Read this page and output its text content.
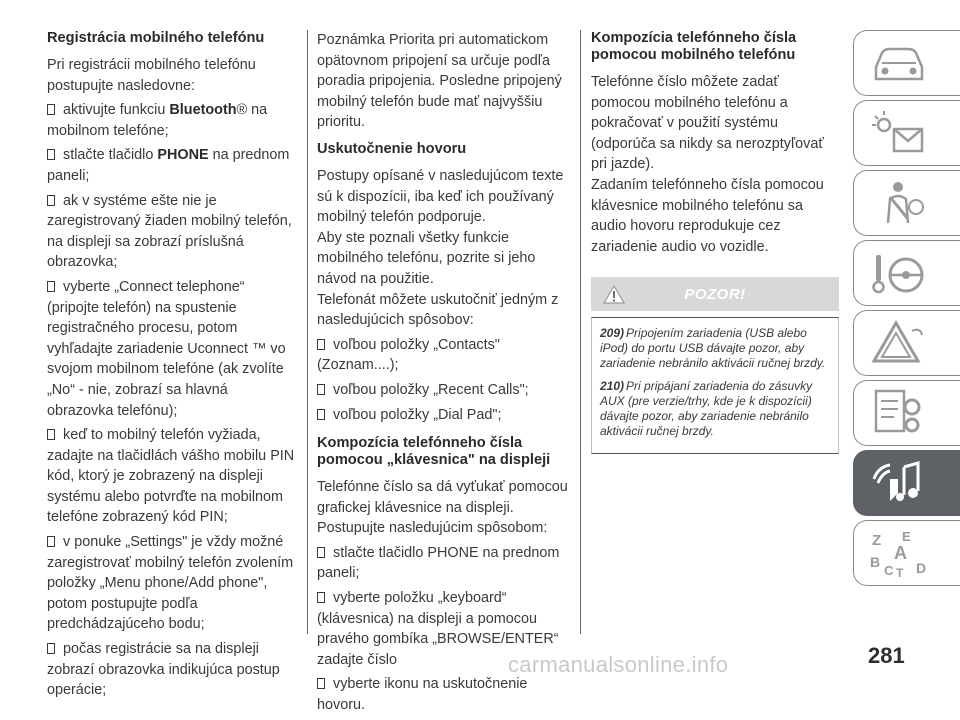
Registrácia mobilného telefónu

Pri registrácii mobilného telefónu postupujte nasledovne:

aktivujte funkciu Bluetooth® na mobilnom telefóne;

stlačte tlačidlo PHONE na prednom paneli;

ak v systéme ešte nie je zaregistrovaný žiaden mobilný telefón, na displeji sa zobrazí príslušná obrazovka;

vyberte „Connect telephone“ (pripojte telefón) na spustenie registračného procesu, potom vyhľadajte zariadenie Uconnect ™ vo svojom mobilnom telefóne (ak zvolíte „No“ - nie, zobrazí sa hlavná obrazovka telefónu);

keď to mobilný telefón vyžiada, zadajte na tlačidlách vášho mobilu PIN kód, ktorý je zobrazený na displeji systému alebo potvrďte na mobilnom telefóne zobrazený kód PIN;

v ponuke „Settings" je vždy možné zaregistrovať mobilný telefón zvolením položky „Menu phone/Add phone", potom postupujte podľa predchádzajúceho bodu;

počas registrácie sa na displeji zobrazí obrazovka indikujúca postup operácie;

Poznámka Priorita pri automatickom opätovnom pripojení sa určuje podľa poradia pripojenia. Posledne pripojený mobilný telefón bude mať najvyššiu prioritu.

Uskutočnenie hovoru

Postupy opísané v nasledujúcom texte sú k dispozícii, iba keď ich používaný mobilný telefón podporuje.

Aby ste poznali všetky funkcie mobilného telefónu, pozrite si jeho návod na použitie.

Telefonát môžete uskutočniť jedným z nasledujúcich spôsobov:

voľbou položky „Contacts" (Zoznam....);

voľbou položky „Recent Calls";

voľbou položky „Dial Pad";

Kompozícia telefónneho čísla pomocou „klávesnica" na displeji

Telefónne číslo sa dá vyťukať pomocou grafickej klávesnice na displeji.

Postupujte nasledujúcim spôsobom:

stlačte tlačidlo PHONE na prednom paneli;

vyberte položku „keyboard“ (klávesnica) na displeji a pomocou pravého gombíka „BROWSE/ENTER“ zadajte číslo

vyberte ikonu na uskutočnenie hovoru.

Kompozícia telefónneho čísla pomocou mobilného telefónu

Telefónne číslo môžete zadať pomocou mobilného telefónu a pokračovať v použití systému (odporúča sa nikdy sa nerozptyľovať pri jazde).

Zadaním telefónneho čísla pomocou klávesnice mobilného telefónu sa audio hovoru reprodukuje cez zariadenie audio vo vozidle.

POZOR!

209) Pripojením zariadenia (USB alebo iPod) do portu USB dávajte pozor, aby zariadenie nebránilo aktivácii ručnej brzdy.

210) Pri pripájaní zariadenia do zásuvky AUX (pre verzie/trhy, kde je k dispozícii) dávajte pozor, aby zariadenie nebránilo aktivácii ručnej brzdy.

Z E
A
B
C T D
281
carmanualsonline.info
